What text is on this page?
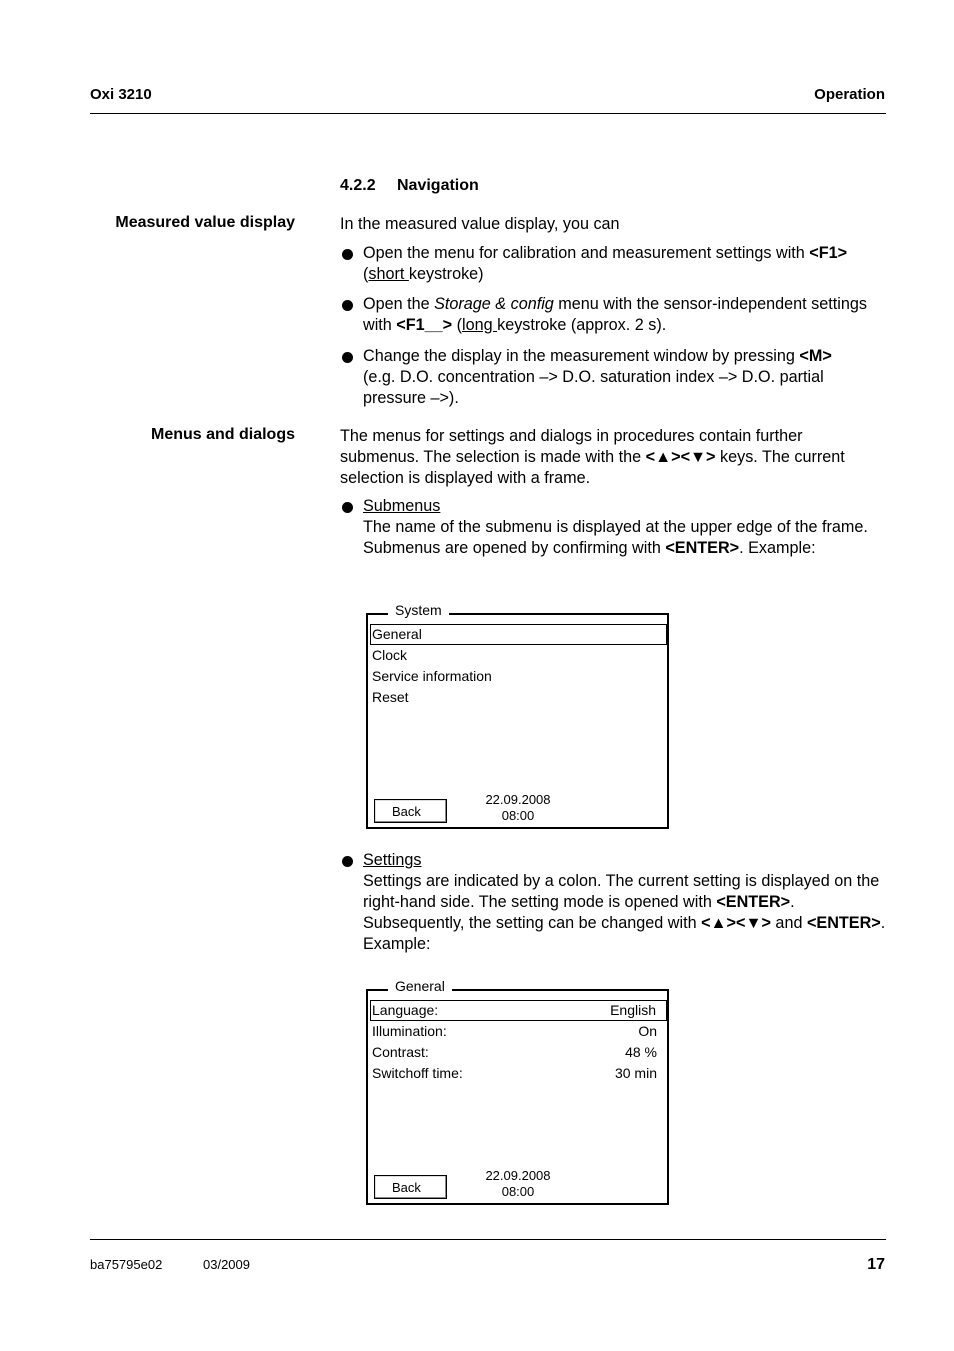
Oxi 3210	Operation
4.2.2 Navigation
Measured value display	In the measured value display, you can
Open the menu for calibration and measurement settings with <F1>
(short keystroke)
Open the Storage & config menu with the sensor-independent settings with <F1__> (long keystroke (approx. 2 s).
Change the display in the measurement window by pressing <M>
(e.g. D.O. concentration –> D.O. saturation index –> D.O. partial pressure –>).
Menus and dialogs	The menus for settings and dialogs in procedures contain further submenus. The selection is made with the <▲><▼> keys. The current selection is displayed with a frame.
Submenus
The name of the submenu is displayed at the upper edge of the frame. Submenus are opened by confirming with <ENTER>. Example:
System
General
Clock
Service information
Reset
Back
22.09.2008
08:00
Settings
Settings are indicated by a colon. The current setting is displayed on the right-hand side. The setting mode is opened with <ENTER>. Subsequently, the setting can be changed with <▲><▼> and <ENTER>. Example:
General
Language:	English
Illumination:	On
Contrast:	48 %
Switchoff time:	30 min
Back
22.09.2008
08:00
ba75795e02	03/2009	17
